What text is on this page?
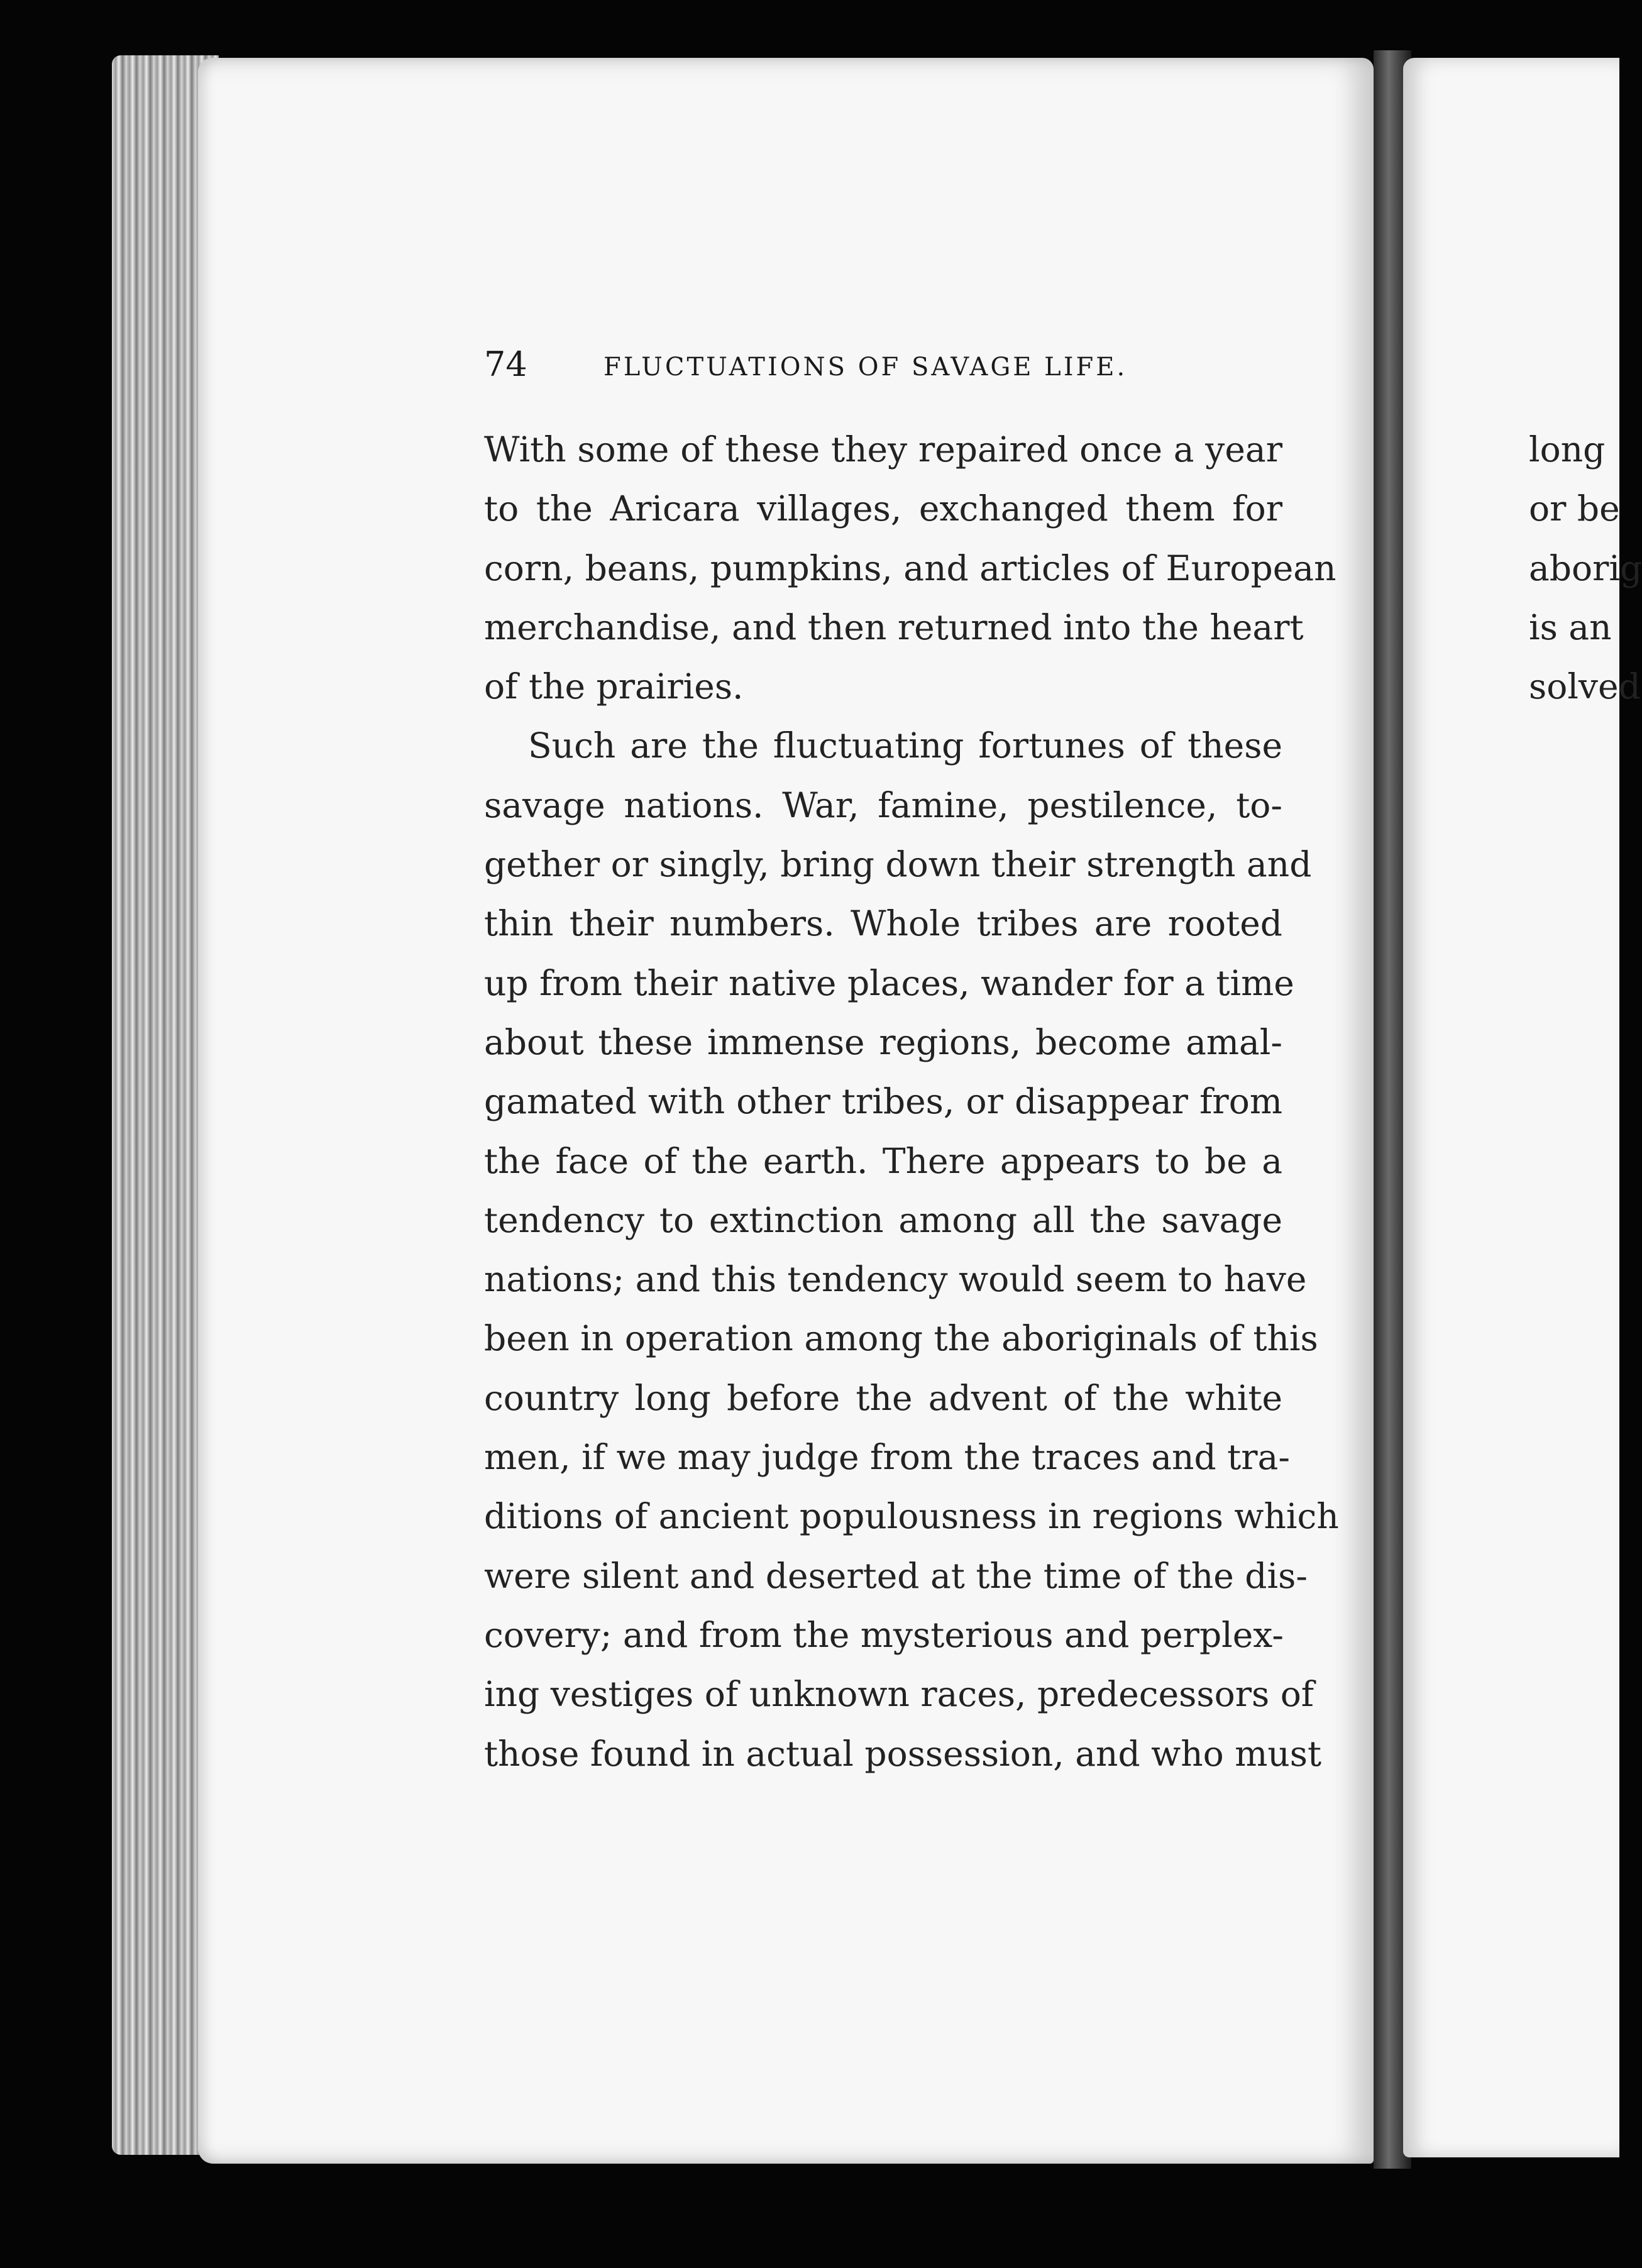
74	FLUCTUATIONS OF SAVAGE LIFE.
With some of these they repaired once a year
to the Aricara villages, exchanged them for
corn, beans, pumpkins, and articles of European
merchandise, and then returned into the heart
of the prairies.
Such are the fluctuating fortunes of these
savage nations. War, famine, pestilence, to-
gether or singly, bring down their strength and
thin their numbers. Whole tribes are rooted
up from their native places, wander for a time
about these immense regions, become amal-
gamated with other tribes, or disappear from
the face of the earth. There appears to be a
tendency to extinction among all the savage
nations; and this tendency would seem to have
been in operation among the aboriginals of this
country long before the advent of the white
men, if we may judge from the traces and tra-
ditions of ancient populousness in regions which
were silent and deserted at the time of the dis-
covery; and from the mysterious and perplex-
ing vestiges of unknown races, predecessors of
those found in actual possession, and who must
long
or be
aborig
is an
solved
